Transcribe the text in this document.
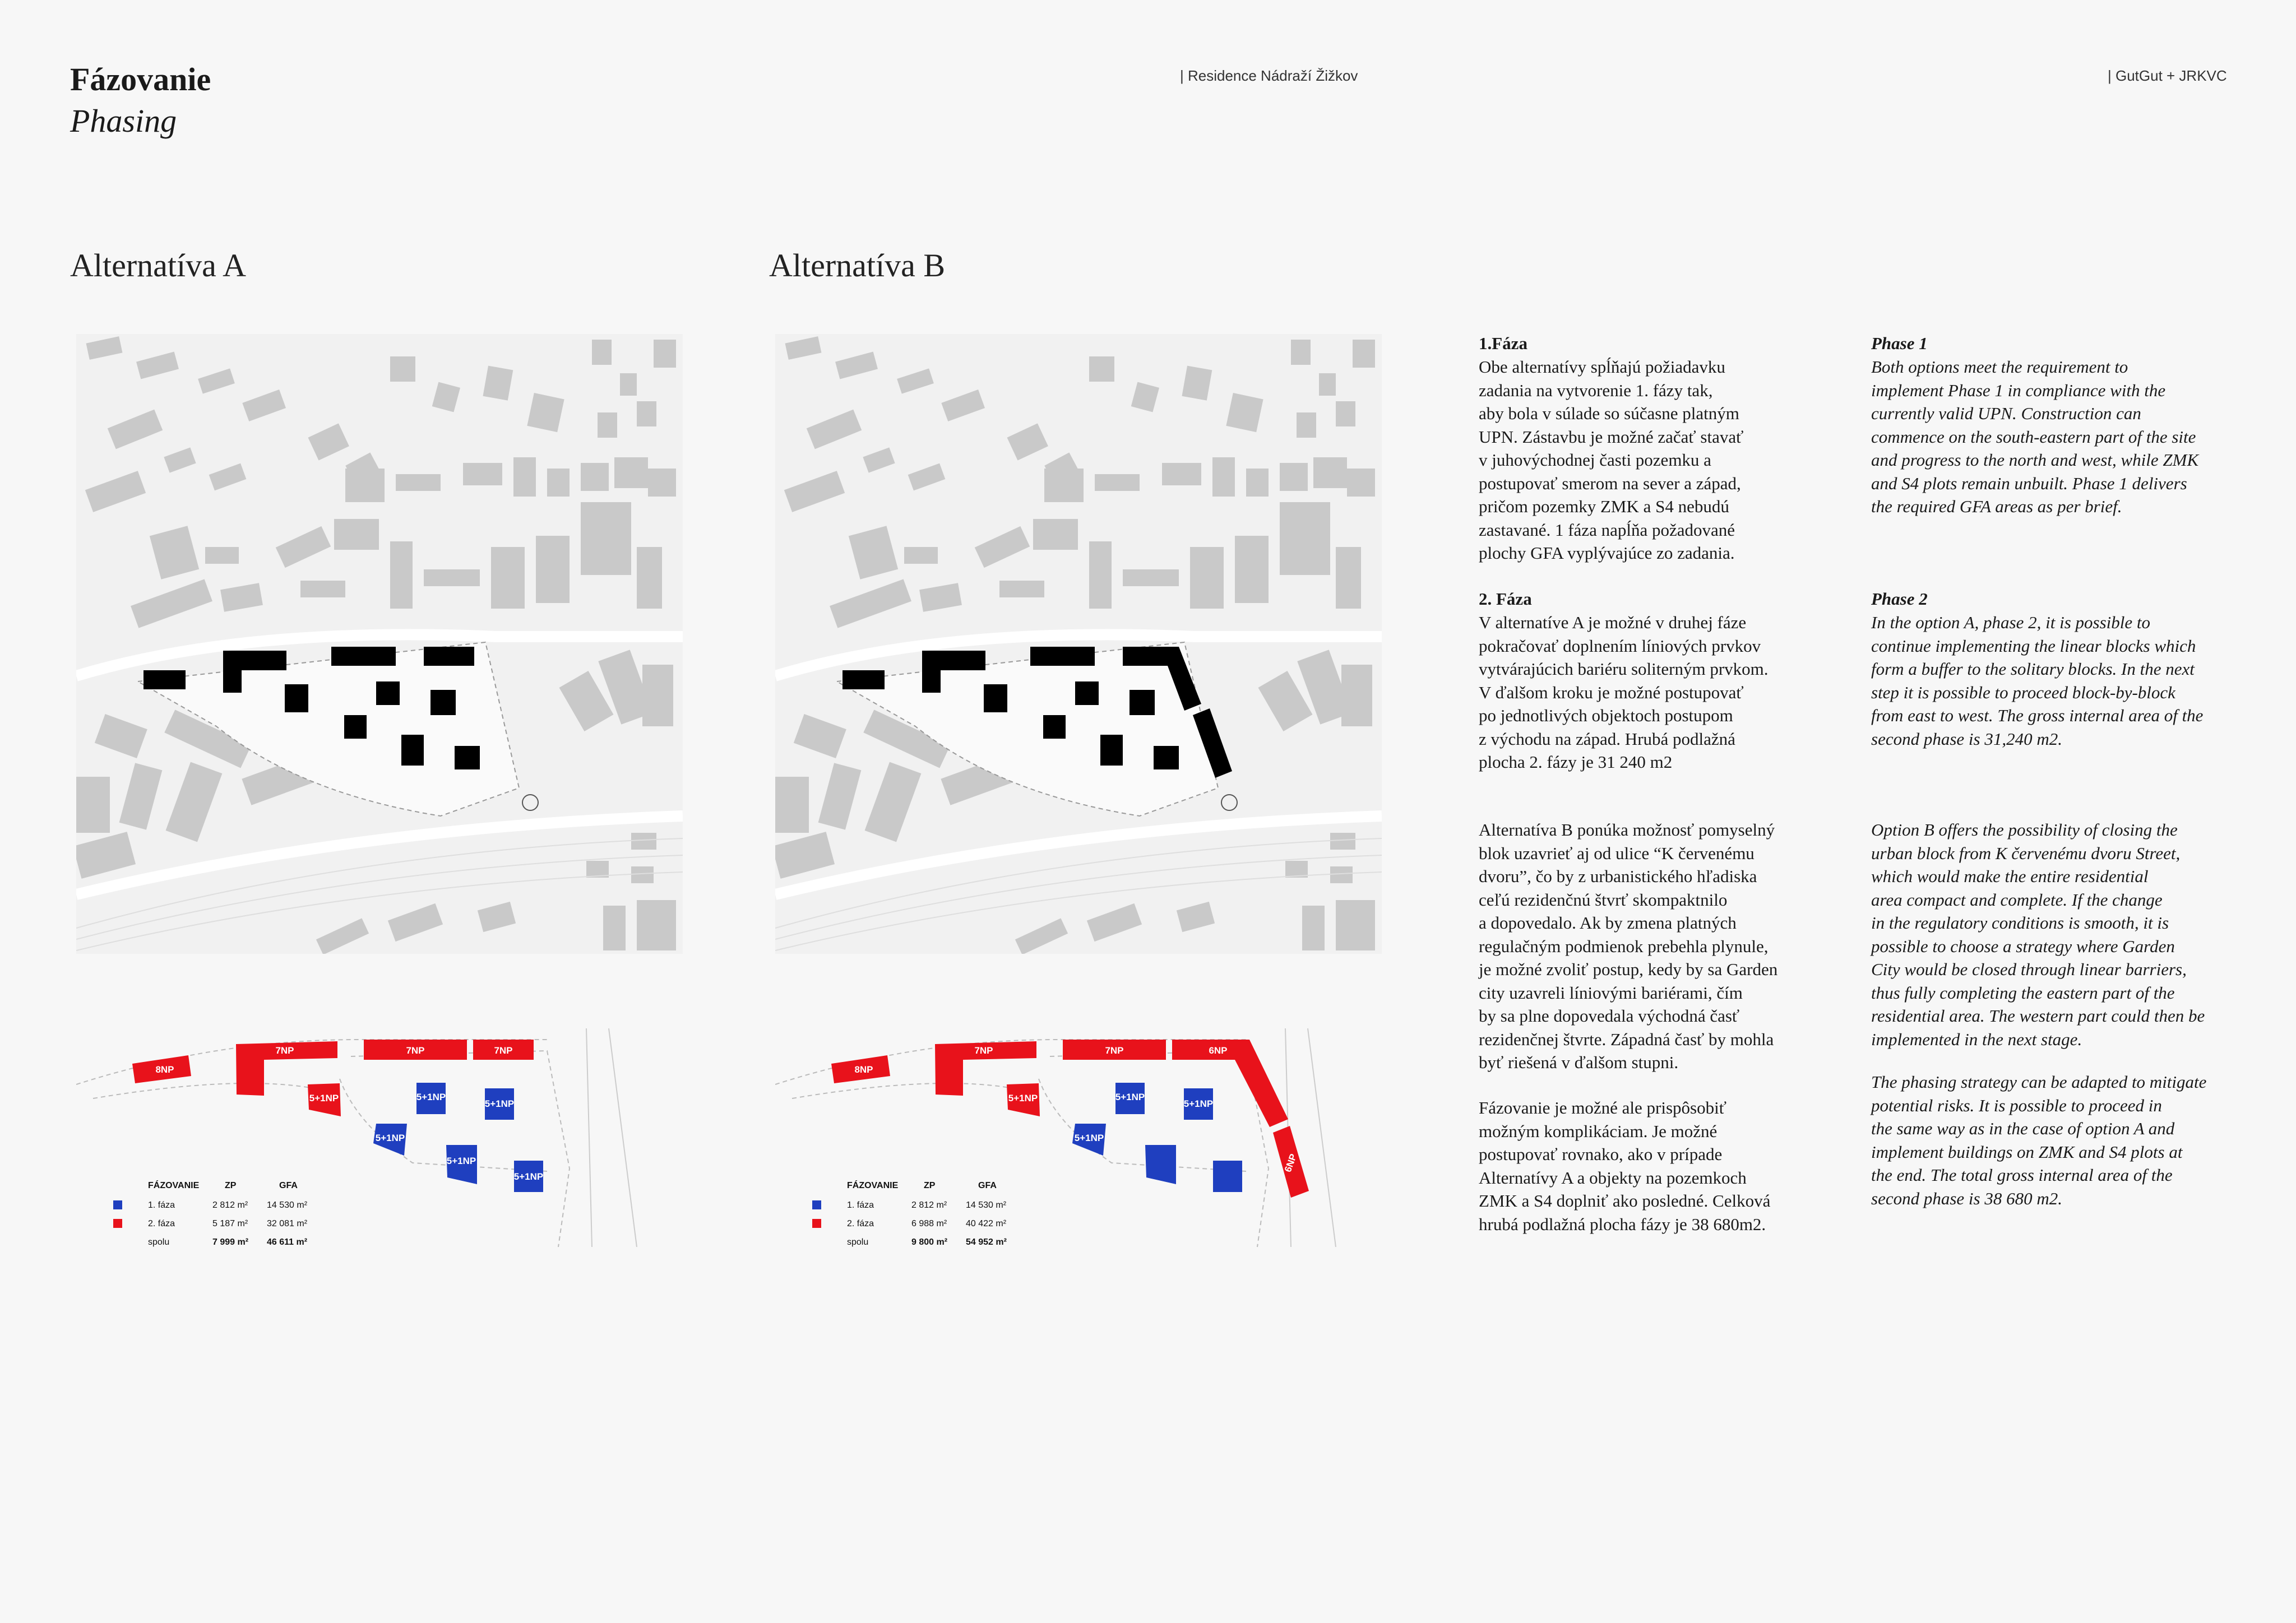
Fázovanie
Phasing
| Residence Nádraží Žižkov	| GutGut + JRKVC
Alternatíva A	Alternatíva B
8NP
7NP	7NP	7NP
5+1NP	5+1NP
5+1NP
5+1NP
5+1NP
5+1NP
FÁZOVANIE	ZP	GFA
1. fáza	2 812 m² 14 530 m²
2. fáza	5 187 m² 32 081 m²
spolu	7 999 m² 46 611 m²
8NP
7NP	7NP	6NP
5+1NP	5+1NP
5+1NP
5+1NP
6NP
FÁZOVANIE	ZP	GFA
1. fáza	2 812 m² 14 530 m²
2. fáza	6 988 m² 40 422 m²
spolu	9 800 m² 54 952 m²
1.Fáza
Obe alternatívy spĺňajú požiadavku
zadania na vytvorenie 1. fázy tak,
aby bola v súlade so súčasne platným
UPN. Zástavbu je možné začať stavať
v juhovýchodnej časti pozemku a
postupovať smerom na sever a západ,
pričom pozemky ZMK a S4 nebudú
zastavané. 1 fáza napĺňa požadované
plochy GFA vyplývajúce zo zadania.
2. Fáza
V alternatíve A je možné v druhej fáze
pokračovať doplnením líniových prvkov
vytvárajúcich bariéru soliterným prvkom.
V ďalšom kroku je možné postupovať
po jednotlivých objektoch postupom
z východu na západ. Hrubá podlažná
plocha 2. fázy je 31 240 m2
Alternatíva B ponúka možnosť pomyselný
blok uzavrieť aj od ulice “K červenému
dvoru”, čo by z urbanistického hľadiska
ceľú rezidenčnú štvrť skompaktnilo
a dopovedalo. Ak by zmena platných
regulačným podmienok prebehla plynule,
je možné zvoliť postup, kedy by sa Garden
city uzavreli líniovými bariérami, čím
by sa plne dopovedala východná časť
rezidenčnej štvrte. Západná časť by mohla
byť riešená v ďalšom stupni.
Fázovanie je možné ale prispôsobiť
možným komplikáciam. Je možné
postupovať rovnako, ako v prípade
Alternatívy A a objekty na pozemkoch
ZMK a S4 doplniť ako posledné. Celková
hrubá podlažná plocha fázy je 38 680m2.
Phase 1
Both options meet the requirement to
implement Phase 1 in compliance with the
currently valid UPN. Construction can
commence on the south-eastern part of the site
and progress to the north and west, while ZMK
and S4 plots remain unbuilt. Phase 1 delivers
the required GFA areas as per brief.
Phase 2
In the option A, phase 2, it is possible to
continue implementing the linear blocks which
form a buffer to the solitary blocks. In the next
step it is possible to proceed block-by-block
from east to west. The gross internal area of the
second phase is 31,240 m2.
Option B offers the possibility of closing the
urban block from K červenému dvoru Street,
which would make the entire residential
area compact and complete. If the change
in the regulatory conditions is smooth, it is
possible to choose a strategy where Garden
City would be closed through linear barriers,
thus fully completing the eastern part of the
residential area. The western part could then be
implemented in the next stage.
The phasing strategy can be adapted to mitigate
potential risks. It is possible to proceed in
the same way as in the case of option A and
implement buildings on ZMK and S4 plots at
the end. The total gross internal area of the
second phase is 38 680 m2.
